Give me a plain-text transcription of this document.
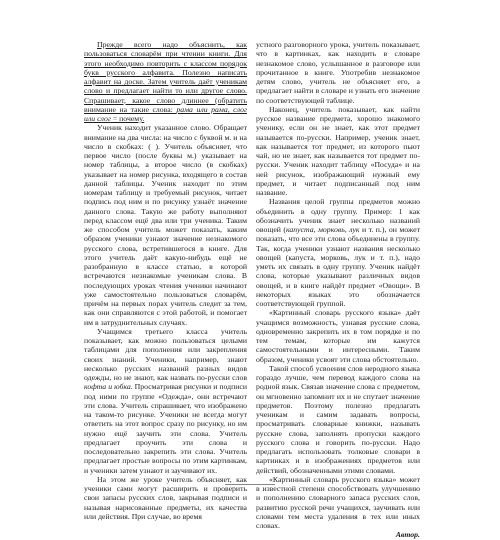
Прежде всего надо объяснить, как пользоваться словарём при чтении книги. Для этого необходимо повторить с классом порядок букв русского алфавита. Полезно написать алфавит на доске. Затем учитель даёт ученикам слово и предлагает найти то или другое слово. Спрашивает, какое слово длиннее (обратить внимание на такие слова: рама или рама, слог или слог = почему.

Ученик находит указанное слово. Обращает внимание на два числа: на число с буквой м. и на число в скобках: ( ). Учитель объясняет, что первое число (после буквы м.) указывает на номер таблицы, а второе число (в скобках) указывает на номер рисунка, входящего в состав данной таблицы. Ученик находит по этим номерам таблицу и требуемый рисунок, читает подпись под ним и по рисунку узнаёт значение данного слова. Такую же работу выполняют перед классом ещё два или три ученика. Таким же способом учитель может показать, каким образом ученики узнают значение незнакомого русского слова, встретившегося в книге. Для этого учитель даёт какую-нибудь ещё не разобранную в классе статью, в которой встречаются незнакомые ученикам слова. В последующих уроках чтения ученики начинают уже самостоятельно пользоваться словарём, причём на первых порах учитель следит за тем, как они справляются с этой работой, и помогает им в затруднительных случаях.

Учащимся третьего класса учитель показывает, как можно пользоваться целыми таблицами для пополнения или закрепления своих знаний. Ученики, например, знают несколько русских названий разных видов одежды, но не знают, как назвать по-русски слов кофта и юбка. Просматривая рисунки и подписи под ними по группе «Одежда», они встречают эти слова. Учитель спрашивает, что изображено на таком-то рисунке. Ученики не всегда могут ответить на этот вопрос сразу по рисунку, но им нужно ещё заучить эти слова. Учитель предлагает проучить эти слова и последовательно закрепить эти слова. Учитель предлагает простые вопросы по этим картинкам, и ученики затем узнают и заучивают их.

На этом же уроке учитель объясняет, как ученики сами могут расширить и проверить свои запасы русских слов, закрывая подписи и называя нарисованные предметы, их качества или действия. При случае, во время

устного разговорного урока, учитель показывает, что в картинках, как находить в словаре незнакомое слово, услышанное в разговоре или прочитанное в книге. Употребив незнакомое детям слово, учитель не объясняет его, а предлагает найти в словаре и узнать его значение по соответствующей таблице.

Наконец, учитель показывает, как найти русское название предмета, хорошо знакомого ученику, если он не знает, как этот предмет называется по-русски. Например, ученик знает, как называется тот предмет, из которого пьют чай, но не знает, как называется тот предмет по-русски. Ученик находит таблицу «Посуда» и на ней рисунок, изображающий нужный ему предмет, и читает подписанный под ним название.

Названия целой группы предметов можно объединить в одну группу. Пример: 1 как обозначить ученик знает несколько названий овощей (капуста, морковь, лук и т. п.), он может показать, что все эти слова объединены в группу. Так, когда ученики узнают названия несколько овощей (капуста, морковь, лук и т. п.), надо уметь их связать в одну группу. Ученик найдёт слова, которые указывают различных видов овощей, и в книге найдёт предмет «Овощи». В некоторых языках это обозначается соответствующей группой.

«Картинный словарь русского языка» даёт учащимся возможность, узнавая русские слова, одновременно закрепить их в том порядке и по тем темам, которые им кажутся самостоятельными и интересными. Таким образом, ученики усвоят эти слова обстоятельно.

Такой способ усвоения слов неродного языка гораздо лучше, чем перевод каждого слова на родной язык. Связав значение слова с предметом, он мгновенно запомнит их и не спутает значение предметов. Поэтому полезно предлагать ученикам и самим задавать вопросы, просматривать словарные книжки, называть русские слова, заполнять пропуски каждого русского слова и говорить по-русски. Надо предлагать использовать толковые словари в картинках и в изображениях предметов или действий, обозначенными этими словами.

«Картинный словарь русского языка» может в известной степени способствовать улучшению и пополнению словарного запаса русских слов, развитию русской речи учащихся, заучивать или словами тем места удаления в тех или иных словах.

Автор.
